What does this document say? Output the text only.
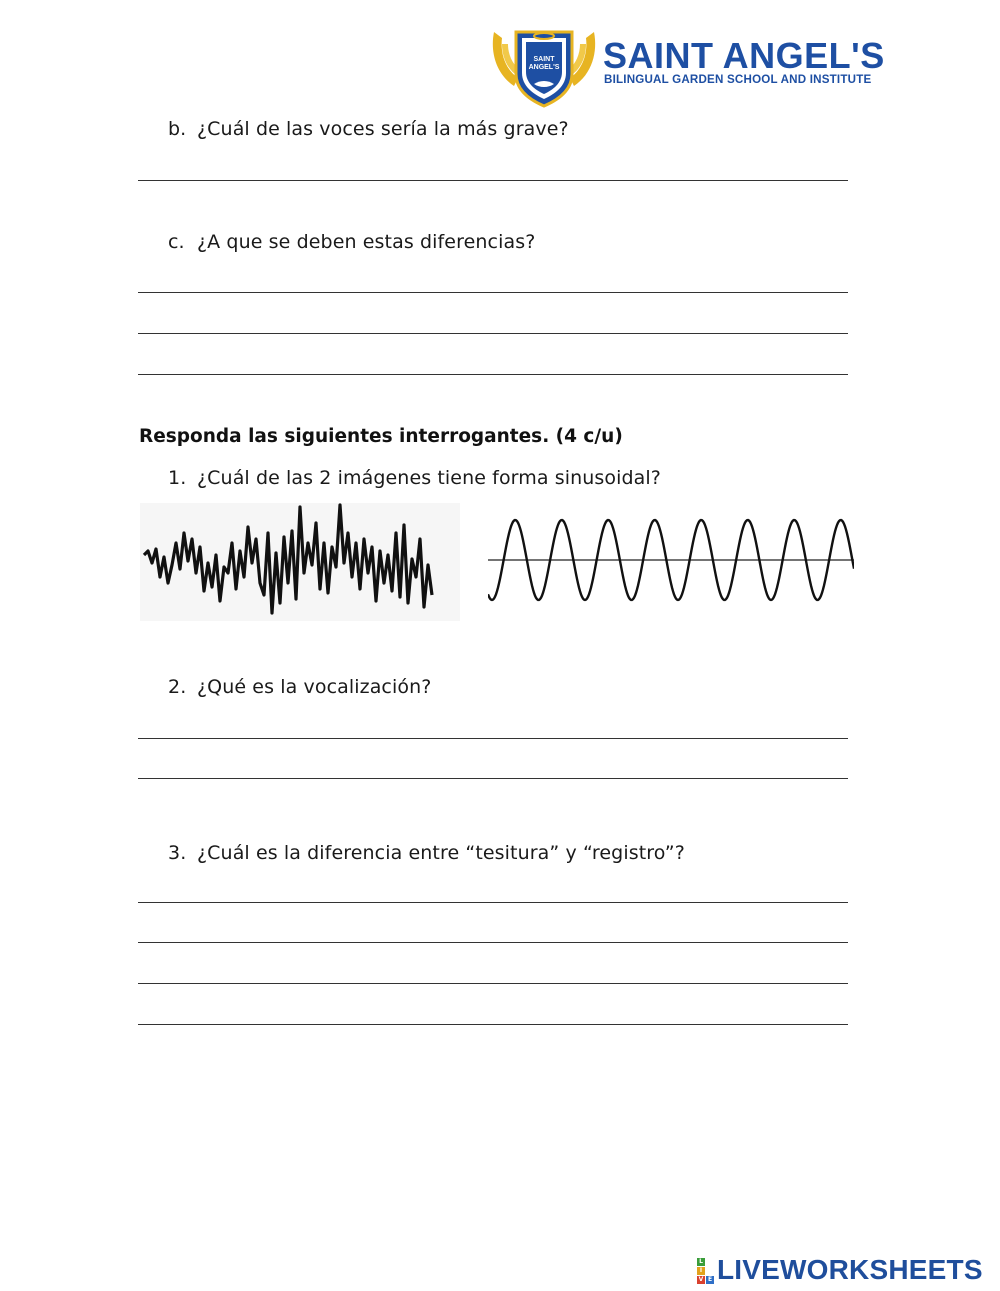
SAINT ANGEL'S SAINT ANGEL'S
BILINGUAL GARDEN SCHOOL AND INSTITUTE
b. ¿Cuál de las voces sería la más grave?
c. ¿A que se deben estas diferencias?
Responda las siguientes interrogantes. (4 c/u)
1. ¿Cuál de las 2 imágenes tiene forma sinusoidal?
2. ¿Qué es la vocalización?
3. ¿Cuál es la diferencia entre “tesitura” y “registro”?
L
I
V E LIVEWORKSHEETS
